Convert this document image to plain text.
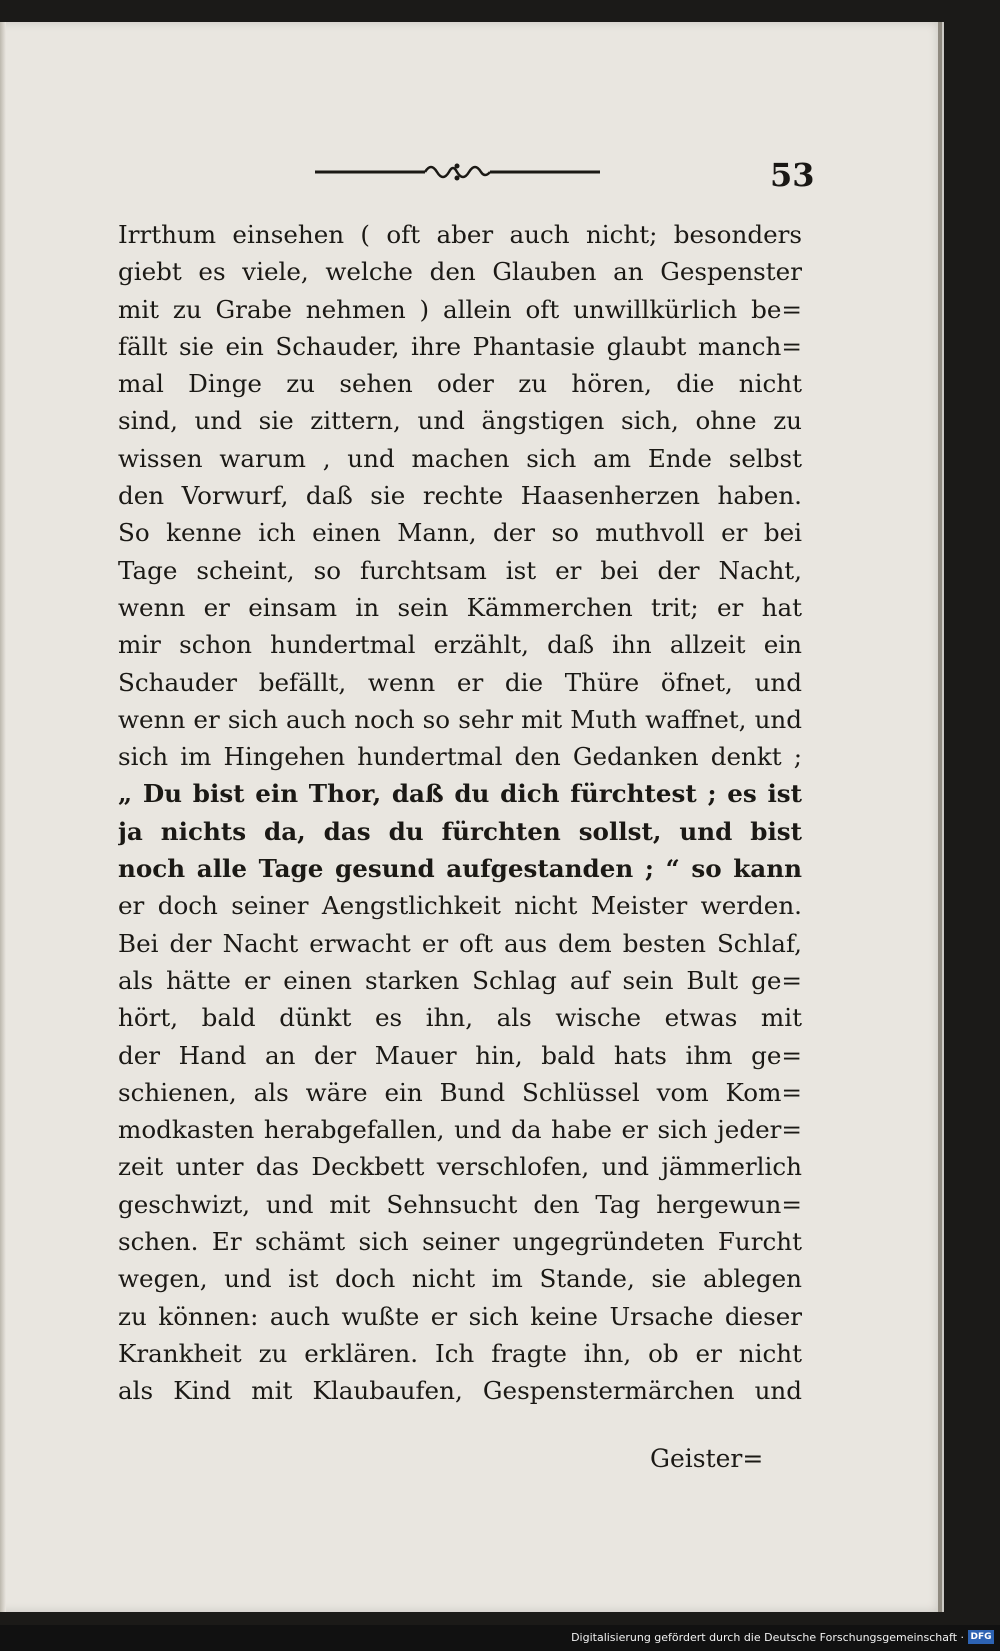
53
Irrthum einsehen ( oft aber auch nicht; besonders
giebt es viele, welche den Glauben an Gespenster
mit zu Grabe nehmen ) allein oft unwillkürlich be=
fällt sie ein Schauder, ihre Phantasie glaubt manch=
mal Dinge zu sehen oder zu hören, die nicht
sind, und sie zittern, und ängstigen sich, ohne zu
wissen warum , und machen sich am Ende selbst
den Vorwurf, daß sie rechte Haasenherzen haben.
So kenne ich einen Mann, der so muthvoll er bei
Tage scheint, so furchtsam ist er bei der Nacht,
wenn er einsam in sein Kämmerchen trit; er hat
mir schon hundertmal erzählt, daß ihn allzeit ein
Schauder befällt, wenn er die Thüre öfnet, und
wenn er sich auch noch so sehr mit Muth waffnet, und
sich im Hingehen hundertmal den Gedanken denkt ;
„ Du bist ein Thor, daß du dich fürchtest ; es ist
ja nichts da, das du fürchten sollst, und bist
noch alle Tage gesund aufgestanden ; “ so kann
er doch seiner Aengstlichkeit nicht Meister werden.
Bei der Nacht erwacht er oft aus dem besten Schlaf,
als hätte er einen starken Schlag auf sein Bult ge=
hört, bald dünkt es ihn, als wische etwas mit
der Hand an der Mauer hin, bald hats ihm ge=
schienen, als wäre ein Bund Schlüssel vom Kom=
modkasten herabgefallen, und da habe er sich jeder=
zeit unter das Deckbett verschlofen, und jämmerlich
geschwizt, und mit Sehnsucht den Tag hergewun=
schen. Er schämt sich seiner ungegründeten Furcht
wegen, und ist doch nicht im Stande, sie ablegen
zu können: auch wußte er sich keine Ursache dieser
Krankheit zu erklären. Ich fragte ihn, ob er nicht
als Kind mit Klaubaufen, Gespenstermärchen und
Geister=
Digitalisierung gefördert durch die Deutsche Forschungsgemeinschaft · DFG
